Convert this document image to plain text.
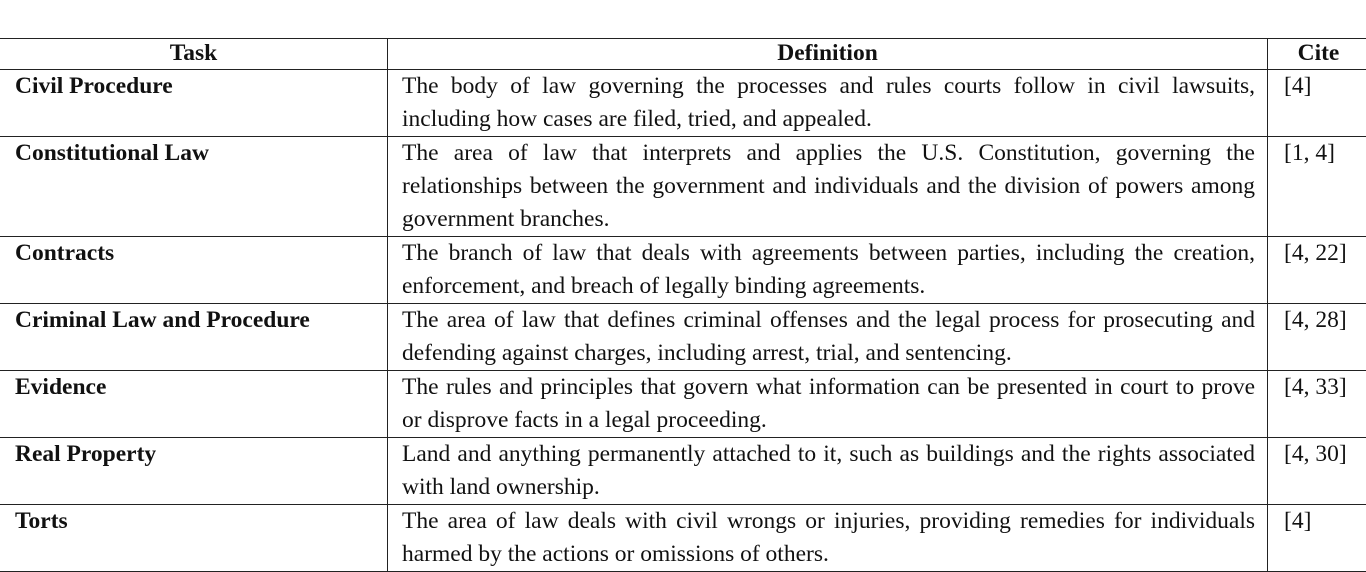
Task	Definition	Cite
Civil Procedure	The body of law governing the processes and rules courts follow in civil lawsuits, including how cases are filed, tried, and appealed.	[4]
Constitutional Law	The area of law that interprets and applies the U.S. Constitution, governing the relationships between the government and individuals and the division of powers among government branches.	[1, 4]
Contracts	The branch of law that deals with agreements between parties, including the creation, enforcement, and breach of legally binding agreements.	[4, 22]
Criminal Law and Procedure	The area of law that defines criminal offenses and the legal process for prosecuting and defending against charges, including arrest, trial, and sentencing.	[4, 28]
Evidence	The rules and principles that govern what information can be presented in court to prove or disprove facts in a legal proceeding.	[4, 33]
Real Property	Land and anything permanently attached to it, such as buildings and the rights associated with land ownership.	[4, 30]
Torts	The area of law deals with civil wrongs or injuries, providing remedies for individuals harmed by the actions or omissions of others.	[4]
